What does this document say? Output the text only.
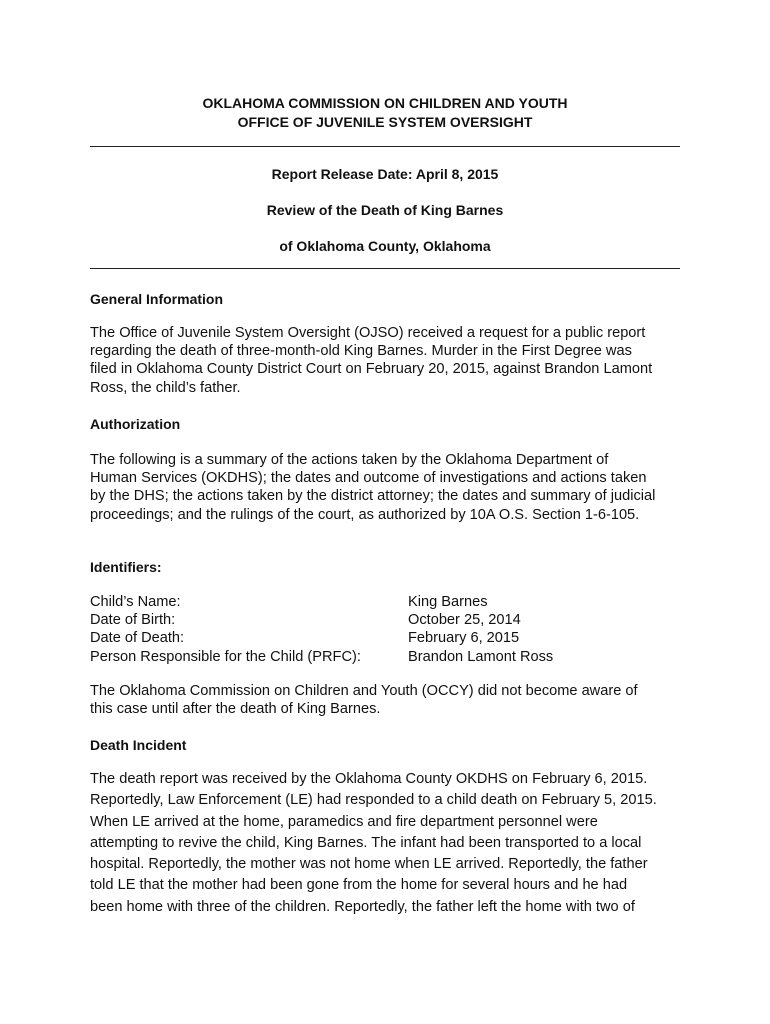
OKLAHOMA COMMISSION ON CHILDREN AND YOUTH
OFFICE OF JUVENILE SYSTEM OVERSIGHT
Report Release Date: April 8, 2015
Review of the Death of King Barnes
of Oklahoma County, Oklahoma
General Information
The Office of Juvenile System Oversight (OJSO) received a request for a public report
regarding the death of three-month-old King Barnes. Murder in the First Degree was
filed in Oklahoma County District Court on February 20, 2015, against Brandon Lamont
Ross, the child’s father.
Authorization
The following is a summary of the actions taken by the Oklahoma Department of
Human Services (OKDHS); the dates and outcome of investigations and actions taken
by the DHS; the actions taken by the district attorney; the dates and summary of judicial
proceedings; and the rulings of the court, as authorized by 10A O.S. Section 1-6-105.
Identifiers:
Child’s Name:
Date of Birth:
Date of Death:
Person Responsible for the Child (PRFC):
King Barnes
October 25, 2014
February 6, 2015
Brandon Lamont Ross
The Oklahoma Commission on Children and Youth (OCCY) did not become aware of
this case until after the death of King Barnes.
Death Incident
The death report was received by the Oklahoma County OKDHS on February 6, 2015.
Reportedly, Law Enforcement (LE) had responded to a child death on February 5, 2015.
When LE arrived at the home, paramedics and fire department personnel were
attempting to revive the child, King Barnes. The infant had been transported to a local
hospital. Reportedly, the mother was not home when LE arrived. Reportedly, the father
told LE that the mother had been gone from the home for several hours and he had
been home with three of the children. Reportedly, the father left the home with two of
